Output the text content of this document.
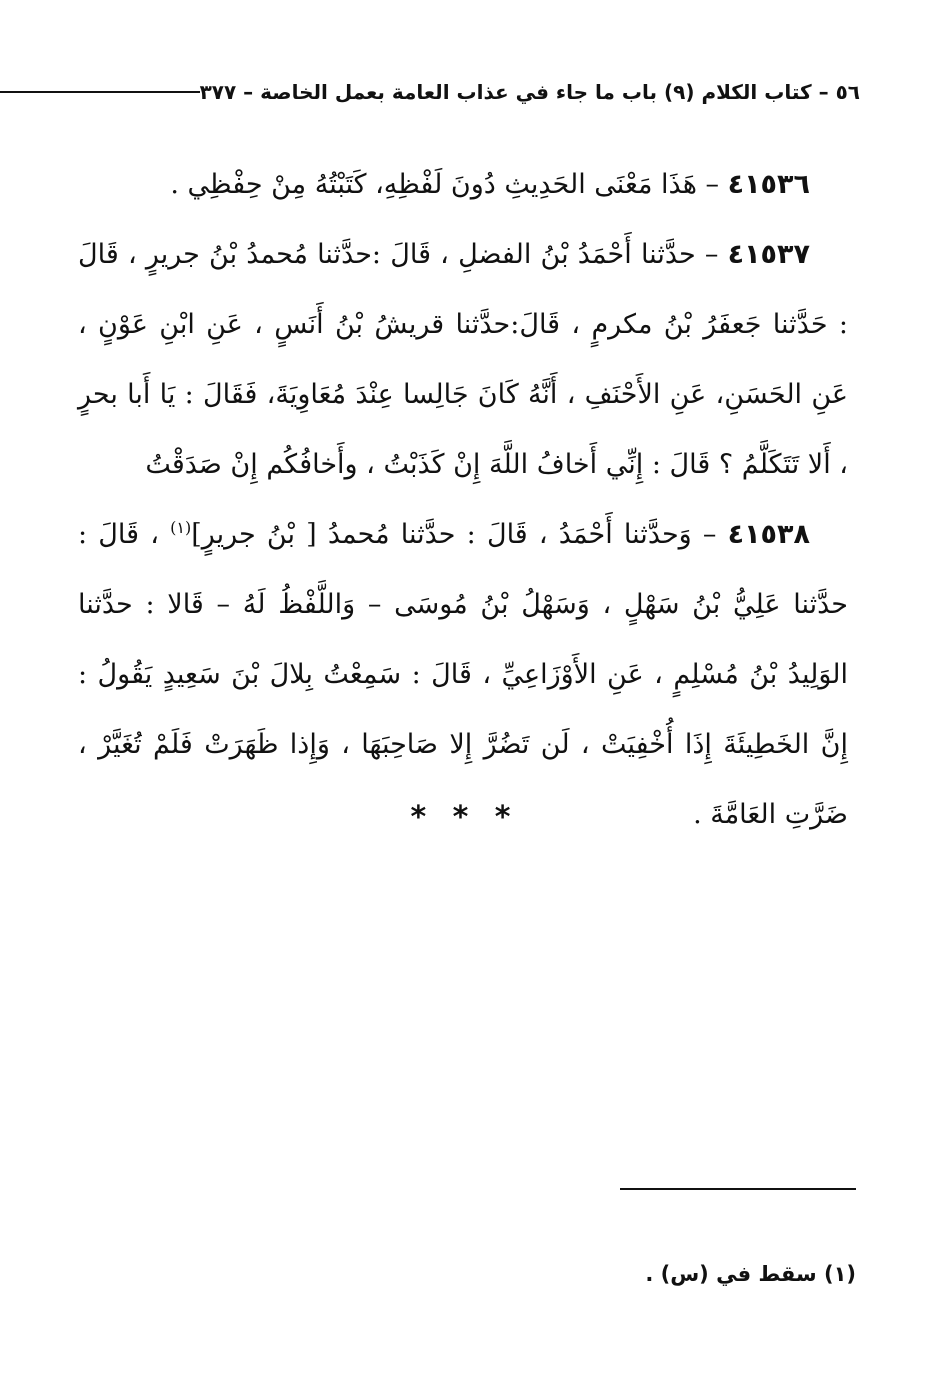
٥٦ – كتاب الكلام (٩) باب ما جاء في عذاب العامة بعمل الخاصة – ٣٧٧

٤١٥٣٦ – هَذَا مَعْنَى الحَدِيثِ دُونَ لَفْظِهِ، كَتَبْتُهُ مِنْ حِفْظِي .

٤١٥٣٧ – حدَّثنا أَحْمَدُ بْنُ الفضلِ ، قَالَ :حدَّثنا مُحمدُ بْنُ جريرٍ ، قَالَ : حَدَّثنا جَعفَرُ بْنُ مكرمٍ ، قَالَ:حدَّثنا قريشُ بْنُ أَنَسٍ ، عَنِ ابْنِ عَوْنٍ ، عَنِ الحَسَنِ، عَنِ الأَحْنَفِ ، أَنَّهُ كَانَ جَالِسا عِنْدَ مُعَاوِيَةَ، فَقَالَ : يَا أَبا بحرٍ ، أَلا تَتَكَلَّمُ ؟ قَالَ : إِنِّي أَخافُ اللَّهَ إِنْ كَذَبْتُ ، وأَخافُكُم إِنْ صَدَقْتُ

٤١٥٣٨ – وَحدَّثنا أَحْمَدُ ، قَالَ : حدَّثنا مُحمدُ [ بْنُ جريرٍ]$^{(١)}$ ، قَالَ : حدَّثنا عَلِيُّ بْنُ سَهْلٍ ، وَسَهْلُ بْنُ مُوسَى – وَاللَّفْظُ لَهُ – قَالا : حدَّثنا الوَلِيدُ بْنُ مُسْلِمٍ ، عَنِ الأَوْزَاعِيِّ ، قَالَ : سَمِعْتُ بِلالَ بْنَ سَعِيدٍ يَقُولُ : إِنَّ الخَطِيئَةَ إِذَا أُخْفِيَتْ ، لَن تَضُرَّ إِلا صَاحِبَهَا ، وَإِذا ظَهَرَتْ فَلَمْ تُغَيَّرْ ، ضَرَّتِ العَامَّةَ .

* * *
(١) سقط في (س) .
